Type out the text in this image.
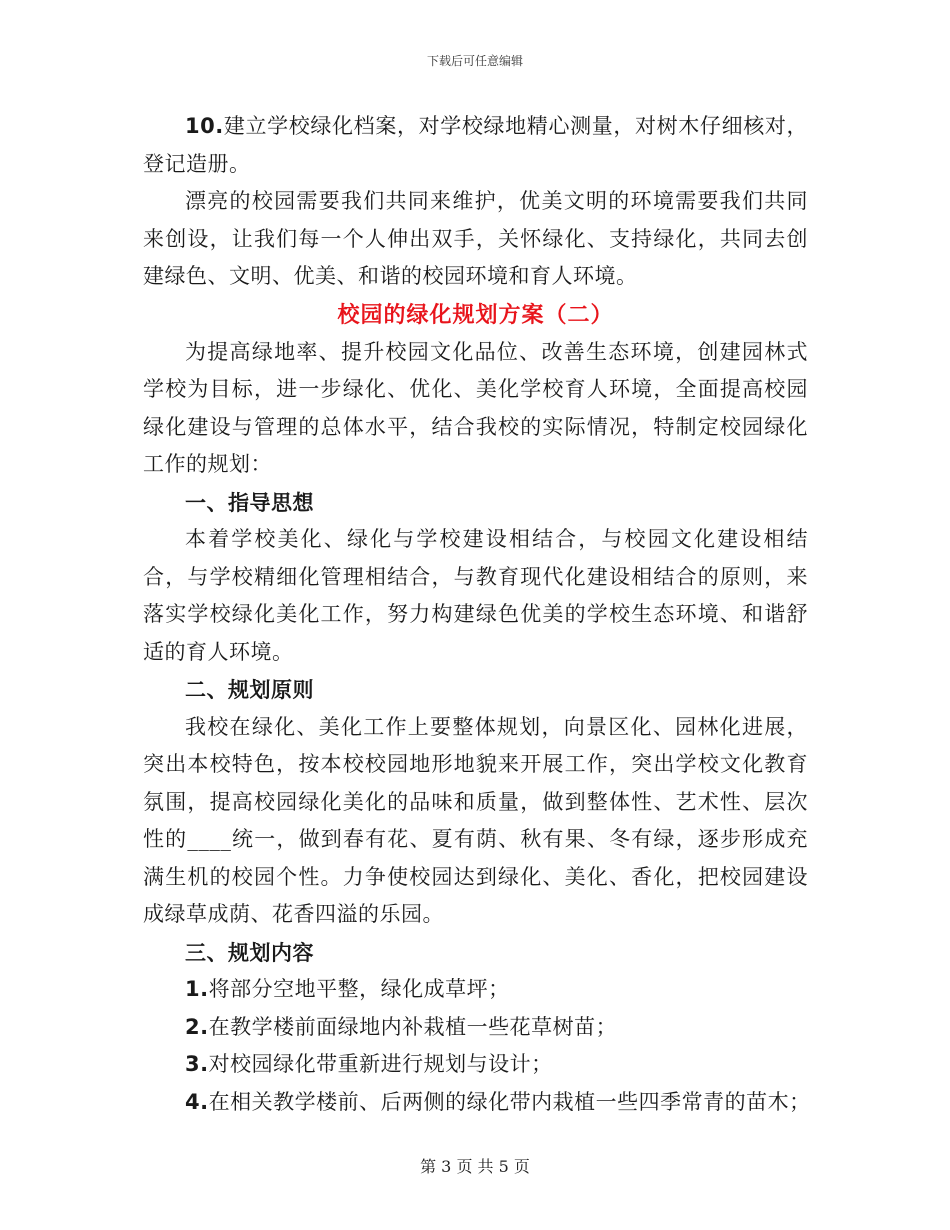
下载后可任意编辑

10.建立学校绿化档案，对学校绿地精心测量，对树木仔细核对，登记造册。

漂亮的校园需要我们共同来维护，优美文明的环境需要我们共同来创设，让我们每一个人伸出双手，关怀绿化、支持绿化，共同去创建绿色、文明、优美、和谐的校园环境和育人环境。

校园的绿化规划方案（二）

为提高绿地率、提升校园文化品位、改善生态环境，创建园林式学校为目标，进一步绿化、优化、美化学校育人环境，全面提高校园绿化建设与管理的总体水平，结合我校的实际情况，特制定校园绿化工作的规划：

一、指导思想

本着学校美化、绿化与学校建设相结合，与校园文化建设相结合，与学校精细化管理相结合，与教育现代化建设相结合的原则，来落实学校绿化美化工作，努力构建绿色优美的学校生态环境、和谐舒适的育人环境。

二、规划原则

我校在绿化、美化工作上要整体规划，向景区化、园林化进展，突出本校特色，按本校校园地形地貌来开展工作，突出学校文化教育氛围，提高校园绿化美化的品味和质量，做到整体性、艺术性、层次性的____统一，做到春有花、夏有荫、秋有果、冬有绿，逐步形成充满生机的校园个性。力争使校园达到绿化、美化、香化，把校园建设成绿草成荫、花香四溢的乐园。

三、规划内容

1.将部分空地平整，绿化成草坪；

2.在教学楼前面绿地内补栽植一些花草树苗；

3.对校园绿化带重新进行规划与设计；

4.在相关教学楼前、后两侧的绿化带内栽植一些四季常青的苗木；

第 3 页 共 5 页
